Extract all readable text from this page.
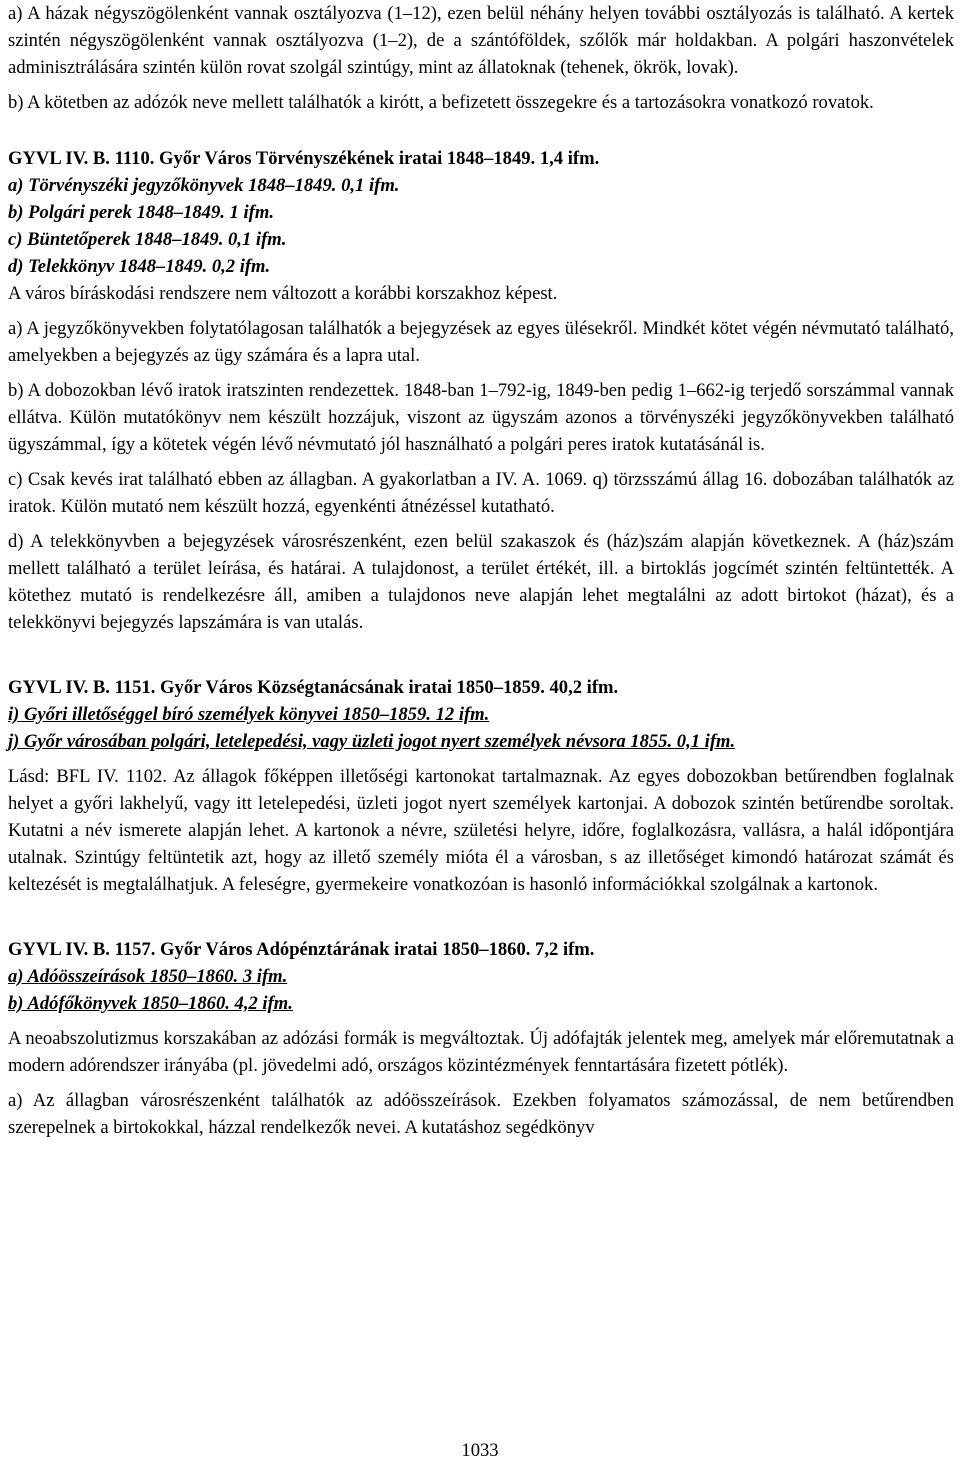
a) A házak négyszögölenként vannak osztályozva (1–12), ezen belül néhány helyen további osztályozás is található. A kertek szintén négyszögölenként vannak osztályozva (1–2), de a szántóföldek, szőlők már holdakban. A polgári haszonvételek adminisztrálására szintén külön rovat szolgál szintúgy, mint az állatoknak (tehenek, ökrök, lovak).

b) A kötetben az adózók neve mellett találhatók a kirótt, a befizetett összegekre és a tartozásokra vonatkozó rovatok.

GYVL IV. B. 1110. Győr Város Törvényszékének iratai 1848–1849. 1,4 ifm.

a) Törvényszéki jegyzőkönyvek 1848–1849. 0,1 ifm.

b) Polgári perek 1848–1849. 1 ifm.

c) Büntetőperek 1848–1849. 0,1 ifm.

d) Telekkönyv 1848–1849. 0,2 ifm.

A város bíráskodási rendszere nem változott a korábbi korszakhoz képest.

a) A jegyzőkönyvekben folytatólagosan találhatók a bejegyzések az egyes ülésekről. Mindkét kötet végén névmutató található, amelyekben a bejegyzés az ügy számára és a lapra utal.

b) A dobozokban lévő iratok iratszinten rendezettek. 1848-ban 1–792-ig, 1849-ben pedig 1–662-ig terjedő sorszámmal vannak ellátva. Külön mutatókönyv nem készült hozzájuk, viszont az ügyszám azonos a törvényszéki jegyzőkönyvekben található ügyszámmal, így a kötetek végén lévő névmutató jól használható a polgári peres iratok kutatásánál is.

c) Csak kevés irat található ebben az állagban. A gyakorlatban a IV. A. 1069. q) törzsszámú állag 16. dobozában találhatók az iratok. Külön mutató nem készült hozzá, egyenkénti átnézéssel kutatható.

d) A telekkönyvben a bejegyzések városrészenként, ezen belül szakaszok és (ház)szám alapján következnek. A (ház)szám mellett található a terület leírása, és határai. A tulajdonost, a terület értékét, ill. a birtoklás jogcímét szintén feltüntették. A kötethez mutató is rendelkezésre áll, amiben a tulajdonos neve alapján lehet megtalálni az adott birtokot (házat), és a telekkönyvi bejegyzés lapszámára is van utalás.

GYVL IV. B. 1151. Győr Város Községtanácsának iratai 1850–1859. 40,2 ifm.

i) Győri illetőséggel bíró személyek könyvei 1850–1859. 12 ifm.

j) Győr városában polgári, letelepedési, vagy üzleti jogot nyert személyek névsora 1855. 0,1 ifm.

Lásd: BFL IV. 1102. Az állagok főképpen illetőségi kartonokat tartalmaznak. Az egyes dobozokban betűrendben foglalnak helyet a győri lakhelyű, vagy itt letelepedési, üzleti jogot nyert személyek kartonjai. A dobozok szintén betűrendbe soroltak. Kutatni a név ismerete alapján lehet. A kartonok a névre, születési helyre, időre, foglalkozásra, vallásra, a halál időpontjára utalnak. Szintúgy feltüntetik azt, hogy az illető személy mióta él a városban, s az illetőséget kimondó határozat számát és keltezését is megtalálhatjuk. A feleségre, gyermekeire vonatkozóan is hasonló információkkal szolgálnak a kartonok.

GYVL IV. B. 1157. Győr Város Adópénztárának iratai 1850–1860. 7,2 ifm.

a) Adóösszeírások 1850–1860. 3 ifm.

b) Adófőkönyvek 1850–1860. 4,2 ifm.

A neoabszolutizmus korszakában az adózási formák is megváltoztak. Új adófajták jelentek meg, amelyek már előremutatnak a modern adórendszer irányába (pl. jövedelmi adó, országos közintézmények fenntartására fizetett pótlék).

a) Az állagban városrészenként találhatók az adóösszeírások. Ezekben folyamatos számozással, de nem betűrendben szerepelnek a birtokokkal, házzal rendelkezők nevei. A kutatáshoz segédkönyv

1033
